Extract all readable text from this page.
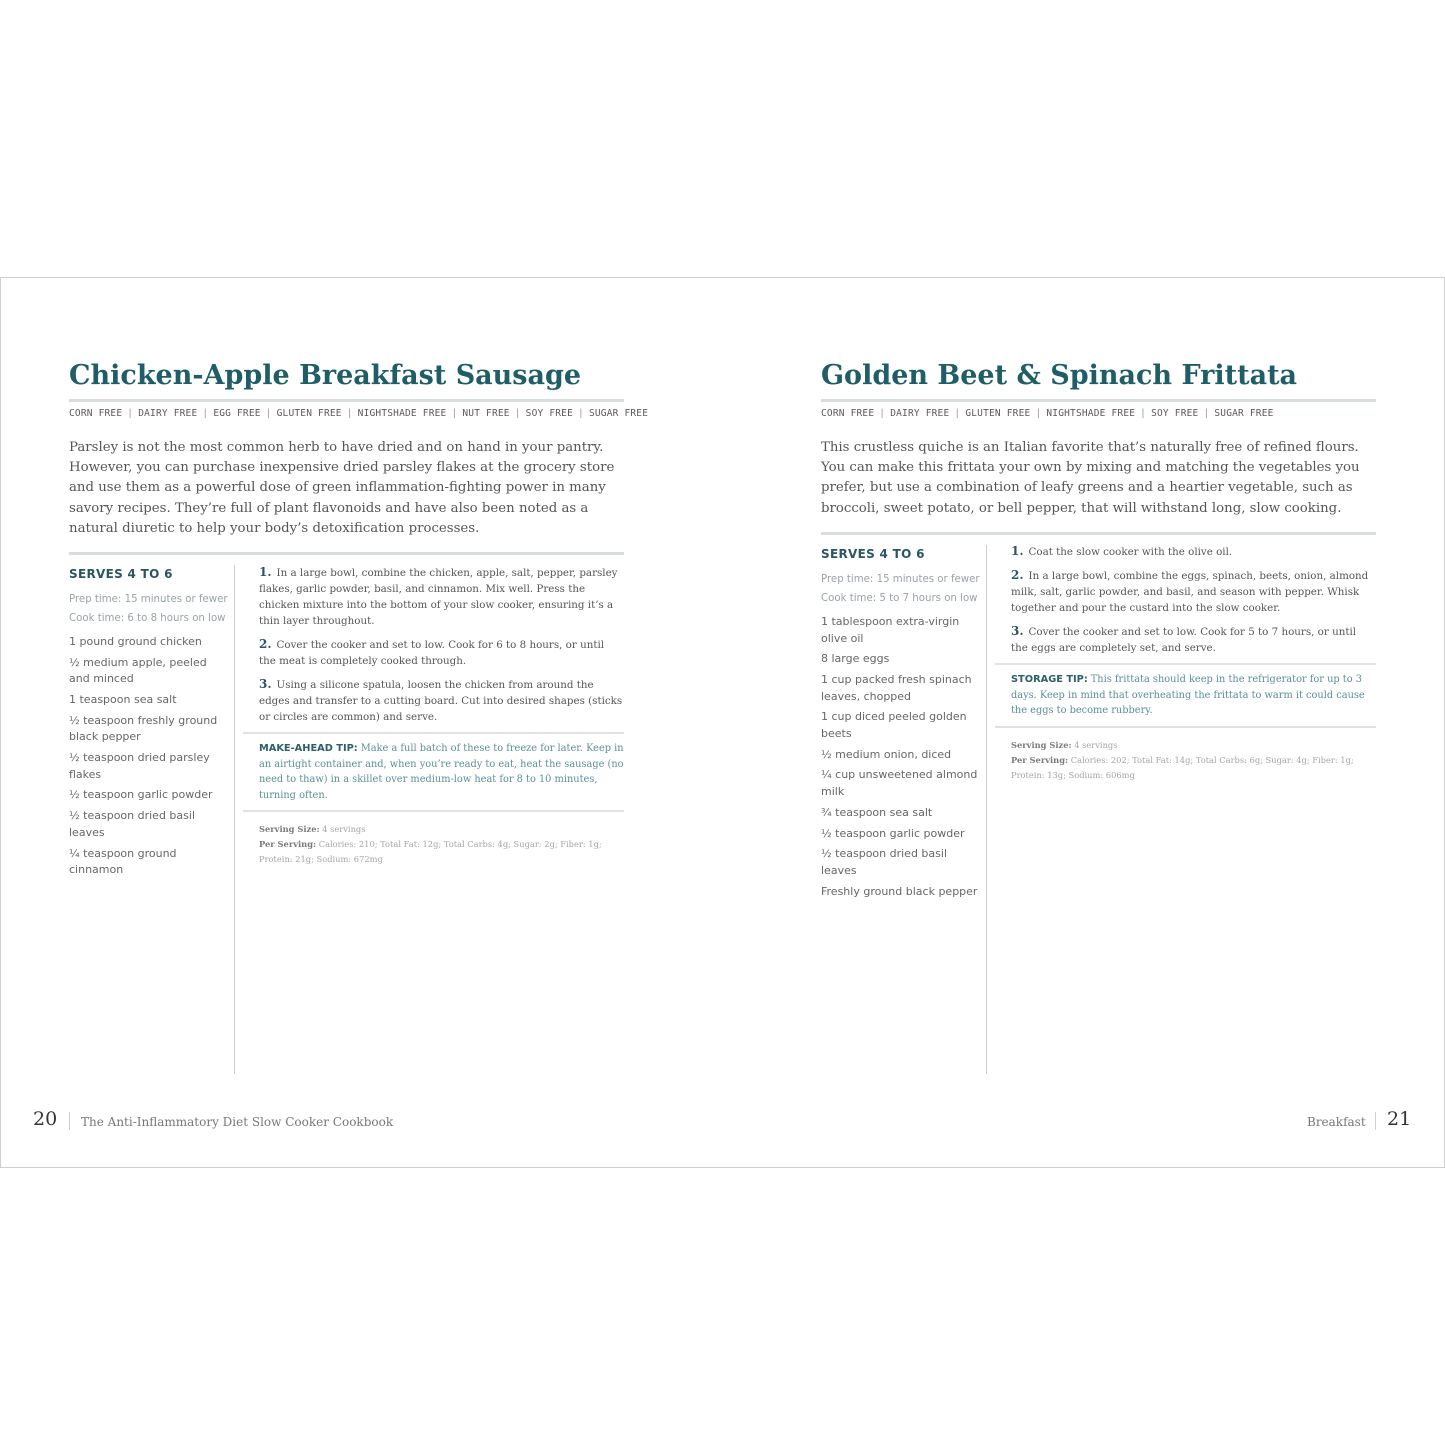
Chicken-Apple Breakfast Sausage
CORN FREE | DAIRY FREE | EGG FREE | GLUTEN FREE | NIGHTSHADE FREE | NUT FREE | SOY FREE | SUGAR FREE

Parsley is not the most common herb to have dried and on hand in your pantry. However, you can purchase inexpensive dried parsley flakes at the grocery store and use them as a powerful dose of green inflammation-fighting power in many savory recipes. They’re full of plant flavonoids and have also been noted as a natural diuretic to help your body’s detoxification processes.

SERVES 4 TO 6

Prep time: 15 minutes or fewer
Cook time: 6 to 8 hours on low
1 pound ground chicken
½ medium apple, peeled and minced
1 teaspoon sea salt
½ teaspoon freshly ground black pepper
½ teaspoon dried parsley flakes
½ teaspoon garlic powder
½ teaspoon dried basil leaves
¼ teaspoon ground cinnamon

1. In a large bowl, combine the chicken, apple, salt, pepper, parsley flakes, garlic powder, basil, and cinnamon. Mix well. Press the chicken mixture into the bottom of your slow cooker, ensuring it’s a thin layer throughout.

2. Cover the cooker and set to low. Cook for 6 to 8 hours, or until the meat is completely cooked through.

3. Using a silicone spatula, loosen the chicken from around the edges and transfer to a cutting board. Cut into desired shapes (sticks or circles are common) and serve.

MAKE-AHEAD TIP: Make a full batch of these to freeze for later. Keep in an airtight container and, when you’re ready to eat, heat the sausage (no need to thaw) in a skillet over medium-low heat for 8 to 10 minutes, turning often.

Serving Size: 4 servings
Per Serving: Calories: 210; Total Fat: 12g; Total Carbs: 4g; Sugar: 2g; Fiber: 1g; Protein: 21g; Sodium: 672mg
Golden Beet & Spinach Frittata
CORN FREE | DAIRY FREE | GLUTEN FREE | NIGHTSHADE FREE | SOY FREE | SUGAR FREE

This crustless quiche is an Italian favorite that’s naturally free of refined flours. You can make this frittata your own by mixing and matching the vegetables you prefer, but use a combination of leafy greens and a heartier vegetable, such as broccoli, sweet potato, or bell pepper, that will withstand long, slow cooking.

SERVES 4 TO 6

Prep time: 15 minutes or fewer
Cook time: 5 to 7 hours on low
1 tablespoon extra-virgin olive oil
8 large eggs
1 cup packed fresh spinach leaves, chopped
1 cup diced peeled golden beets
½ medium onion, diced
¼ cup unsweetened almond milk
¾ teaspoon sea salt
½ teaspoon garlic powder
½ teaspoon dried basil leaves
Freshly ground black pepper

1. Coat the slow cooker with the olive oil.

2. In a large bowl, combine the eggs, spinach, beets, onion, almond milk, salt, garlic powder, and basil, and season with pepper. Whisk together and pour the custard into the slow cooker.

3. Cover the cooker and set to low. Cook for 5 to 7 hours, or until the eggs are completely set, and serve.

STORAGE TIP: This frittata should keep in the refrigerator for up to 3 days. Keep in mind that overheating the frittata to warm it could cause the eggs to become rubbery.

Serving Size: 4 servings
Per Serving: Calories: 202; Total Fat: 14g; Total Carbs: 6g; Sugar: 4g; Fiber: 1g; Protein: 13g; Sodium: 606mg
20 The Anti-Inflammatory Diet Slow Cooker Cookbook	Breakfast 21
